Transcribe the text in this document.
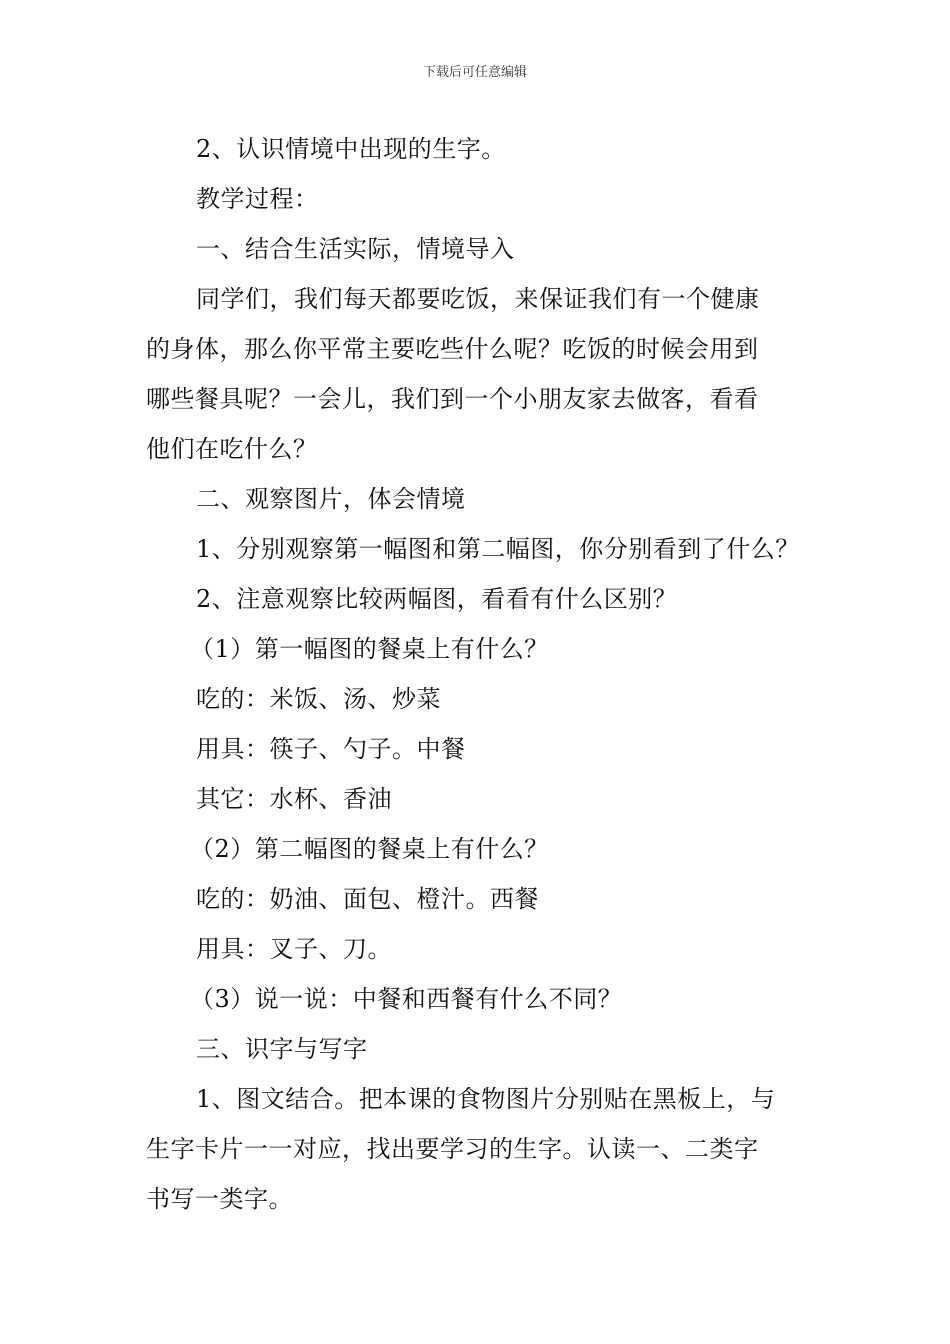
下载后可任意编辑
2、认识情境中出现的生字。
教学过程：
一、结合生活实际，情境导入
同学们，我们每天都要吃饭，来保证我们有一个健康
的身体，那么你平常主要吃些什么呢？吃饭的时候会用到
哪些餐具呢？一会儿，我们到一个小朋友家去做客，看看
他们在吃什么？
二、观察图片，体会情境
1、分别观察第一幅图和第二幅图，你分别看到了什么？
2、注意观察比较两幅图，看看有什么区别？
（1）第一幅图的餐桌上有什么？
吃的：米饭、汤、炒菜
用具：筷子、勺子。中餐
其它：水杯、香油
（2）第二幅图的餐桌上有什么？
吃的：奶油、面包、橙汁。西餐
用具：叉子、刀。
（3）说一说：中餐和西餐有什么不同？
三、识字与写字
1、图文结合。把本课的食物图片分别贴在黑板上，与
生字卡片一一对应，找出要学习的生字。认读一、二类字
书写一类字。
